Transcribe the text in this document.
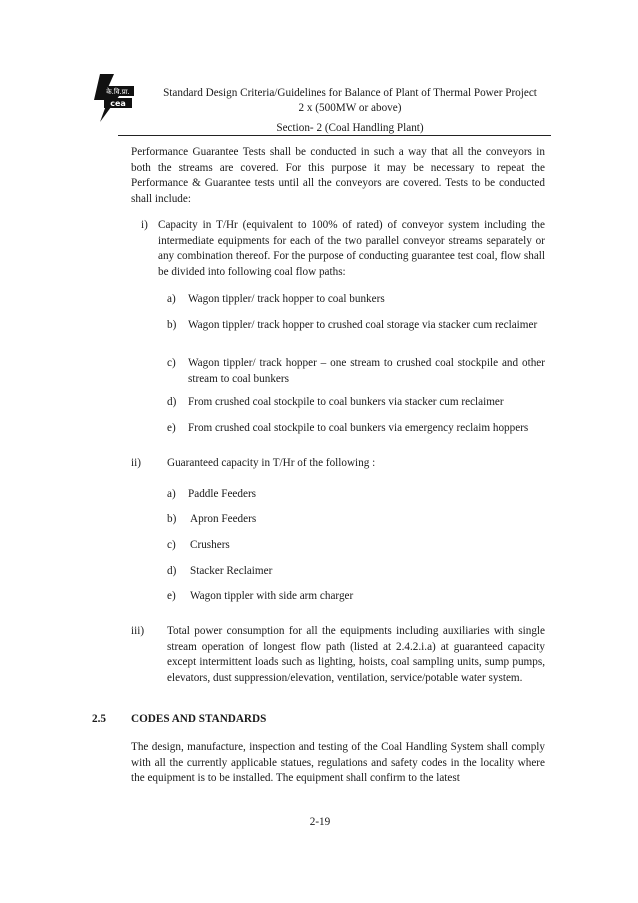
के.वि.प्रा.
cea
Standard Design Criteria/Guidelines for Balance of Plant of Thermal Power Project
2 x (500MW or above)
Section- 2 (Coal Handling Plant)
Performance Guarantee Tests shall be conducted in such a way that all the conveyors in both the streams are covered. For this purpose it may be necessary to repeat the Performance & Guarantee tests until all the conveyors are covered. Tests to be conducted shall include:
i) Capacity in T/Hr (equivalent to 100% of rated) of conveyor system including the intermediate equipments for each of the two parallel conveyor streams separately or any combination thereof. For the purpose of conducting guarantee test coal, flow shall be divided into following coal flow paths:
a) Wagon tippler/ track hopper to coal bunkers
b) Wagon tippler/ track hopper to crushed coal storage via stacker cum reclaimer
c) Wagon tippler/ track hopper – one stream to crushed coal stockpile and other stream to coal bunkers
d) From crushed coal stockpile to coal bunkers via stacker cum reclaimer
e) From crushed coal stockpile to coal bunkers via emergency reclaim hoppers
ii) Guaranteed capacity in T/Hr of the following :
a) Paddle Feeders
b) Apron Feeders
c) Crushers
d) Stacker Reclaimer
e) Wagon tippler with side arm charger
iii) Total power consumption for all the equipments including auxiliaries with single stream operation of longest flow path (listed at 2.4.2.i.a) at guaranteed capacity except intermittent loads such as lighting, hoists, coal sampling units, sump pumps, elevators, dust suppression/elevation, ventilation, service/potable water system.
2.5 CODES AND STANDARDS
The design, manufacture, inspection and testing of the Coal Handling System shall comply with all the currently applicable statues, regulations and safety codes in the locality where the equipment is to be installed. The equipment shall confirm to the latest
2-19
